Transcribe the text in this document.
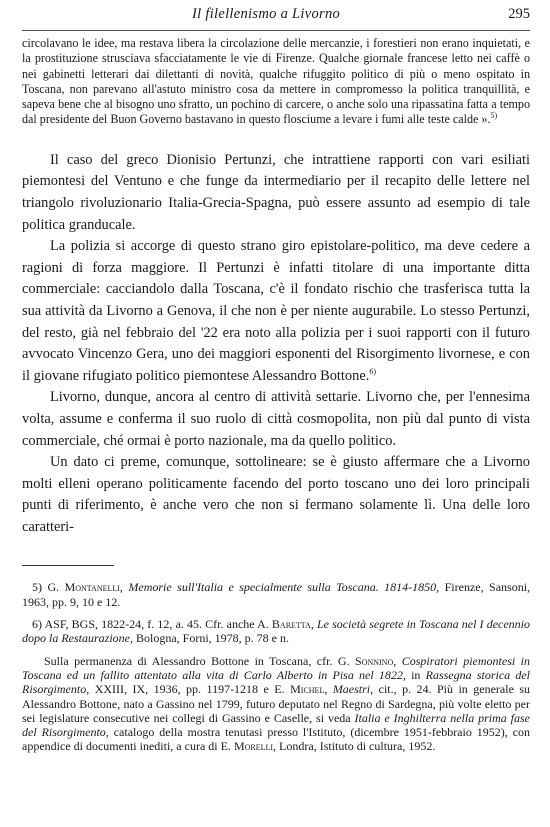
Il filellenismo a Livorno	295
circolavano le idee, ma restava libera la circolazione delle mercanzie, i forestieri non erano inquietati, e la prostituzione strusciava sfacciatamente le vie di Firenze. Qualche giornale francese letto nei caffè o nei gabinetti letterari dai dilettanti di novità, qualche rifuggito politico di più o meno ospitato in Toscana, non parevano all'astuto ministro cosa da mettere in compromesso la politica tranquillità, e sapeva bene che al bisogno uno sfratto, un pochino di carcere, o anche solo una ripassatina fatta a tempo dal presidente del Buon Governo bastavano in questo flosciume a levare i fumi alle teste calde ».$^{5)}$

Il caso del greco Dionisio Pertunzi, che intrattiene rapporti con vari esiliati piemontesi del Ventuno e che funge da intermediario per il recapito delle lettere nel triangolo rivoluzionario Italia-Grecia-Spagna, può essere assunto ad esempio di tale politica granducale.

La polizia si accorge di questo strano giro epistolare-politico, ma deve cedere a ragioni di forza maggiore. Il Pertunzi è infatti titolare di una importante ditta commerciale: cacciandolo dalla Toscana, c'è il fondato rischio che trasferisca tutta la sua attività da Livorno a Genova, il che non è per niente augurabile. Lo stesso Pertunzi, del resto, già nel febbraio del '22 era noto alla polizia per i suoi rapporti con il futuro avvocato Vincenzo Gera, uno dei maggiori esponenti del Risorgimento livornese, e con il giovane rifugiato politico piemontese Alessandro Bottone.$^{6)}$

Livorno, dunque, ancora al centro di attività settarie. Livorno che, per l'ennesima volta, assume e conferma il suo ruolo di città cosmopolita, non più dal punto di vista commerciale, ché ormai è porto nazionale, ma da quello politico.

Un dato ci preme, comunque, sottolineare: se è giusto affermare che a Livorno molti elleni operano politicamente facendo del porto toscano uno dei loro principali punti di riferimento, è anche vero che non si fermano solamente lì. Una delle loro caratteri-

5) G. Montanelli, Memorie sull'Italia e specialmente sulla Toscana. 1814-1850, Firenze, Sansoni, 1963, pp. 9, 10 e 12.

6) ASF, BGS, 1822-24, f. 12, a. 45. Cfr. anche A. Baretta, Le società segrete in Toscana nel I decennio dopo la Restaurazione, Bologna, Forni, 1978, p. 78 e n.

Sulla permanenza di Alessandro Bottone in Toscana, cfr. G. Sonnino, Cospiratori piemontesi in Toscana ed un fallito attentato alla vita di Carlo Alberto in Pisa nel 1822, in Rassegna storica del Risorgimento, XXIII, IX, 1936, pp. 1197-1218 e E. Michel, Maestri, cit., p. 24. Più in generale su Alessandro Bottone, nato a Gassino nel 1799, futuro deputato nel Regno di Sardegna, più volte eletto per sei legislature consecutive nei collegi di Gassino e Caselle, si veda Italia e Inghilterra nella prima fase del Risorgimento, catalogo della mostra tenutasi presso l'Istituto, (dicembre 1951-febbraio 1952), con appendice di documenti inediti, a cura di E. Morelli, Londra, Istituto di cultura, 1952.
